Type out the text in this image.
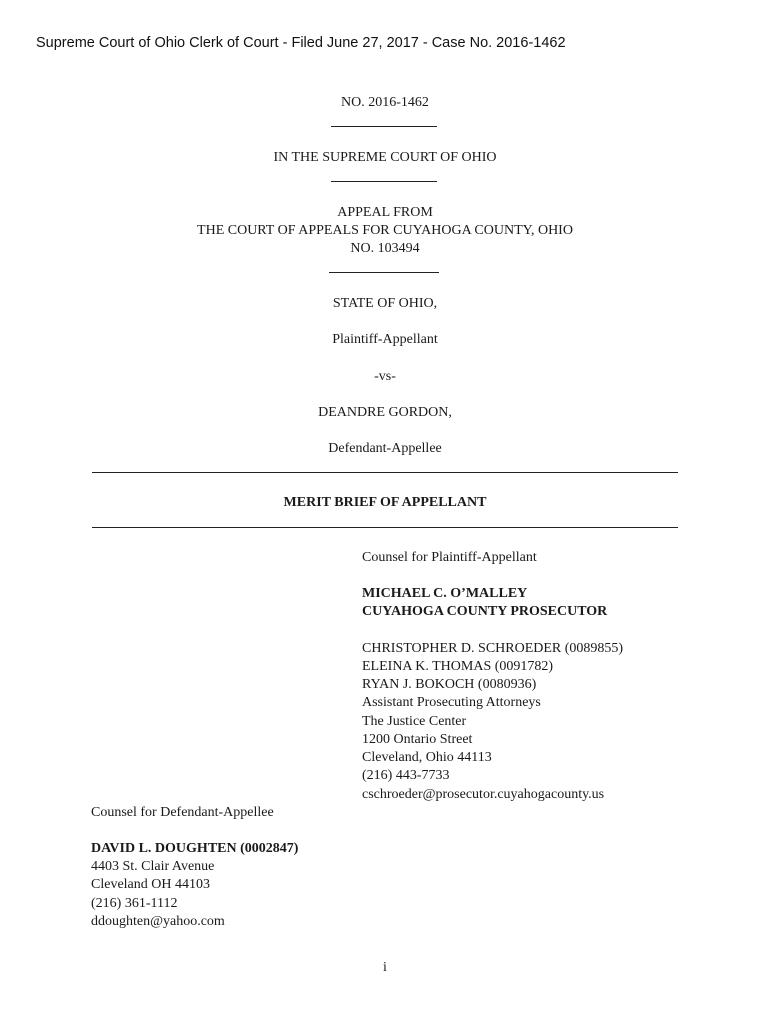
Supreme Court of Ohio Clerk of Court - Filed June 27, 2017 - Case No. 2016-1462
NO. 2016-1462
IN THE SUPREME COURT OF OHIO
APPEAL FROM
THE COURT OF APPEALS FOR CUYAHOGA COUNTY, OHIO
NO. 103494
STATE OF OHIO,
Plaintiff-Appellant
-vs-
DEANDRE GORDON,
Defendant-Appellee
MERIT BRIEF OF APPELLANT
Counsel for Plaintiff-Appellant
MICHAEL C. O’MALLEY
CUYAHOGA COUNTY PROSECUTOR
CHRISTOPHER D. SCHROEDER (0089855)
ELEINA K. THOMAS (0091782)
RYAN J. BOKOCH (0080936)
Assistant Prosecuting Attorneys
The Justice Center
1200 Ontario Street
Cleveland, Ohio 44113
(216) 443-7733
cschroeder@prosecutor.cuyahogacounty.us
Counsel for Defendant-Appellee
DAVID L. DOUGHTEN (0002847)
4403 St. Clair Avenue
Cleveland OH 44103
(216) 361-1112
ddoughten@yahoo.com
i
